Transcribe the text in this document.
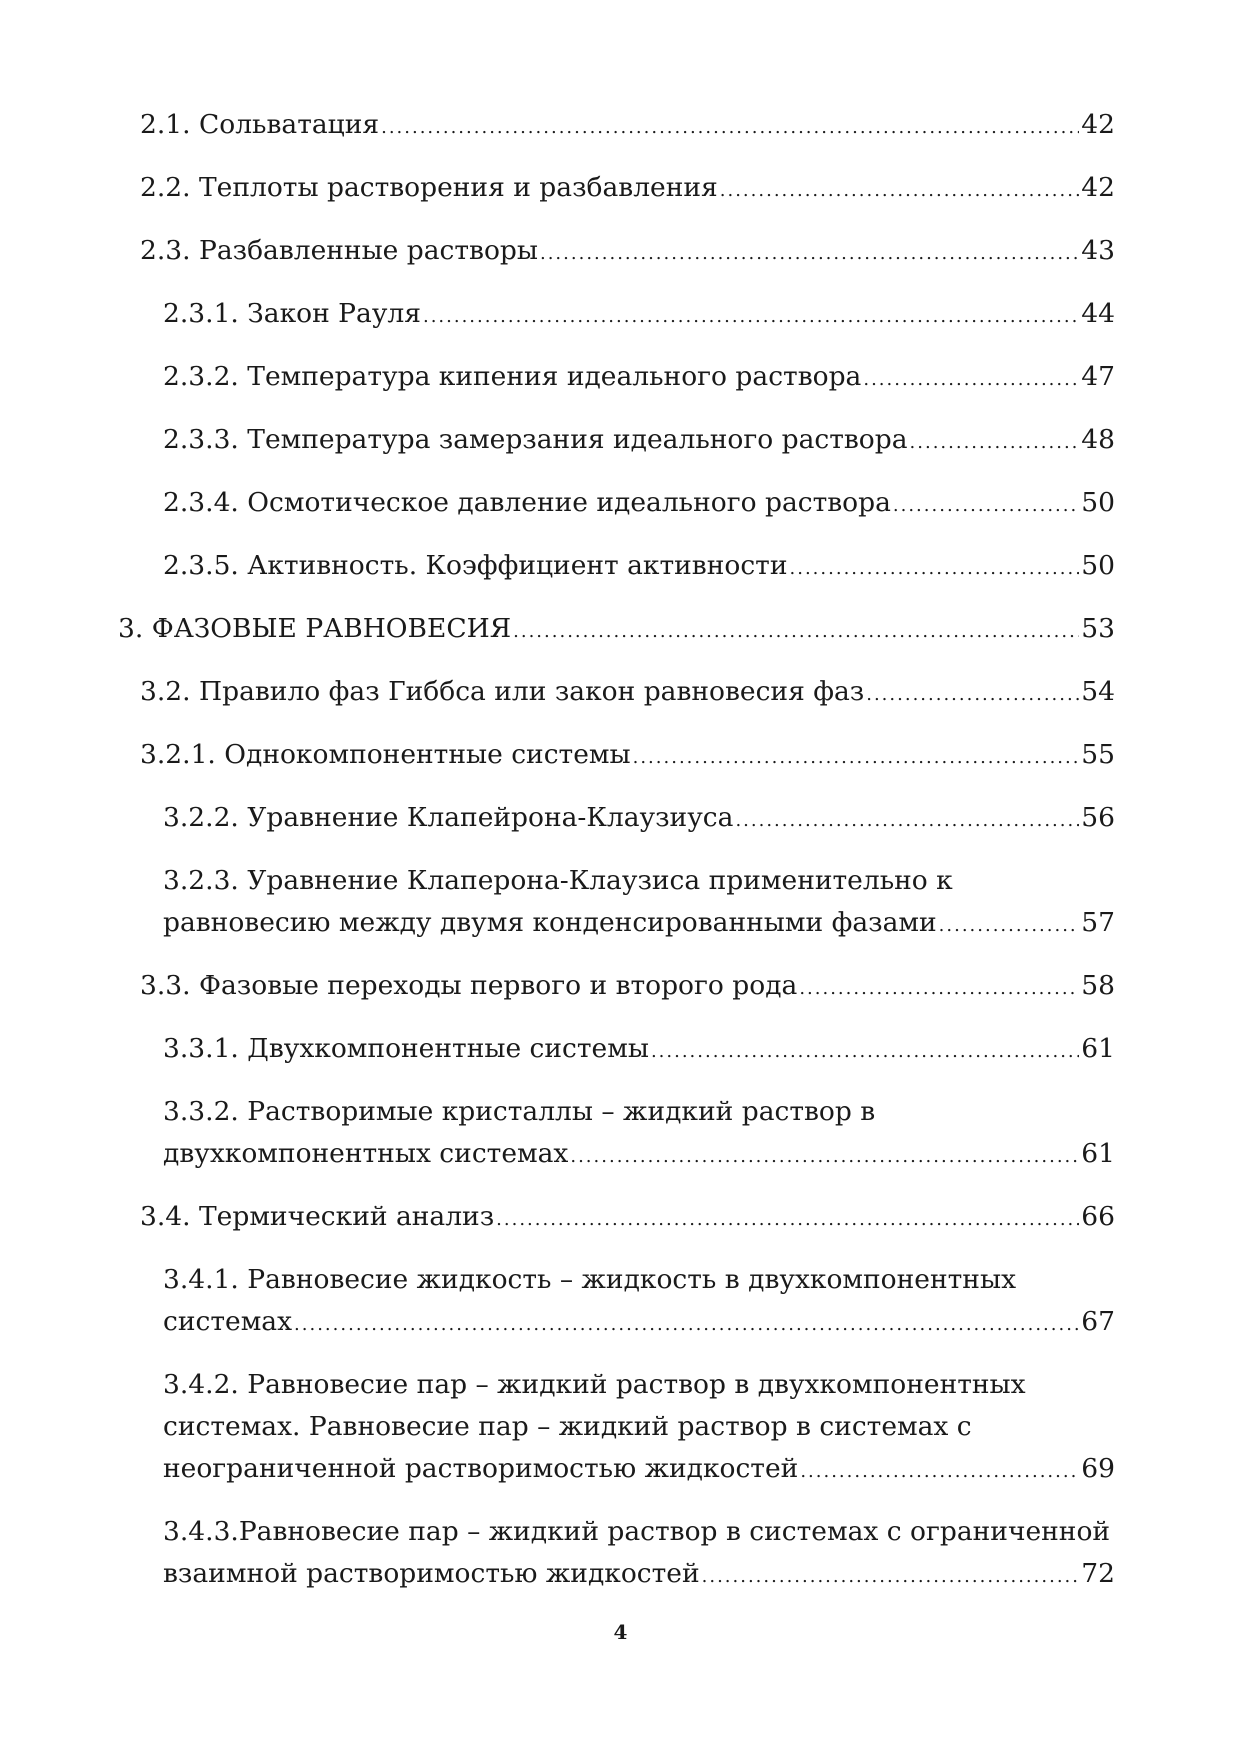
2.1. Сольватация .....	42
2.2. Теплоты растворения и разбавления .....	42
2.3. Разбавленные растворы .....	43
2.3.1. Закон Рауля .....	44
2.3.2. Температура кипения идеального раствора .....	47
2.3.3. Температура замерзания идеального раствора .....	48
2.3.4. Осмотическое давление идеального раствора .....	50
2.3.5. Активность. Коэффициент активности .....	50
3. ФАЗОВЫЕ РАВНОВЕСИЯ .....	53
3.2. Правило фаз Гиббса или закон равновесия фаз .....	54
3.2.1. Однокомпонентные системы .....	55
3.2.2. Уравнение Клапейрона-Клаузиуса .....	56
3.2.3. Уравнение Клаперона-Клаузиса применительно к
равновесию между двумя конденсированными фазами .....	57
3.3. Фазовые переходы первого и второго рода .....	58
3.3.1. Двухкомпонентные системы .....	61
3.3.2. Растворимые кристаллы – жидкий раствор в
двухкомпонентных системах .....	61
3.4. Термический анализ .....	66
3.4.1. Равновесие жидкость – жидкость в двухкомпонентных
системах .....	67
3.4.2. Равновесие пар – жидкий раствор в двухкомпонентных
системах. Равновесие пар – жидкий раствор в системах с
неограниченной растворимостью жидкостей .....	69
3.4.3.Равновесие пар – жидкий раствор в системах с ограниченной
взаимной растворимостью жидкостей .....	72
4
